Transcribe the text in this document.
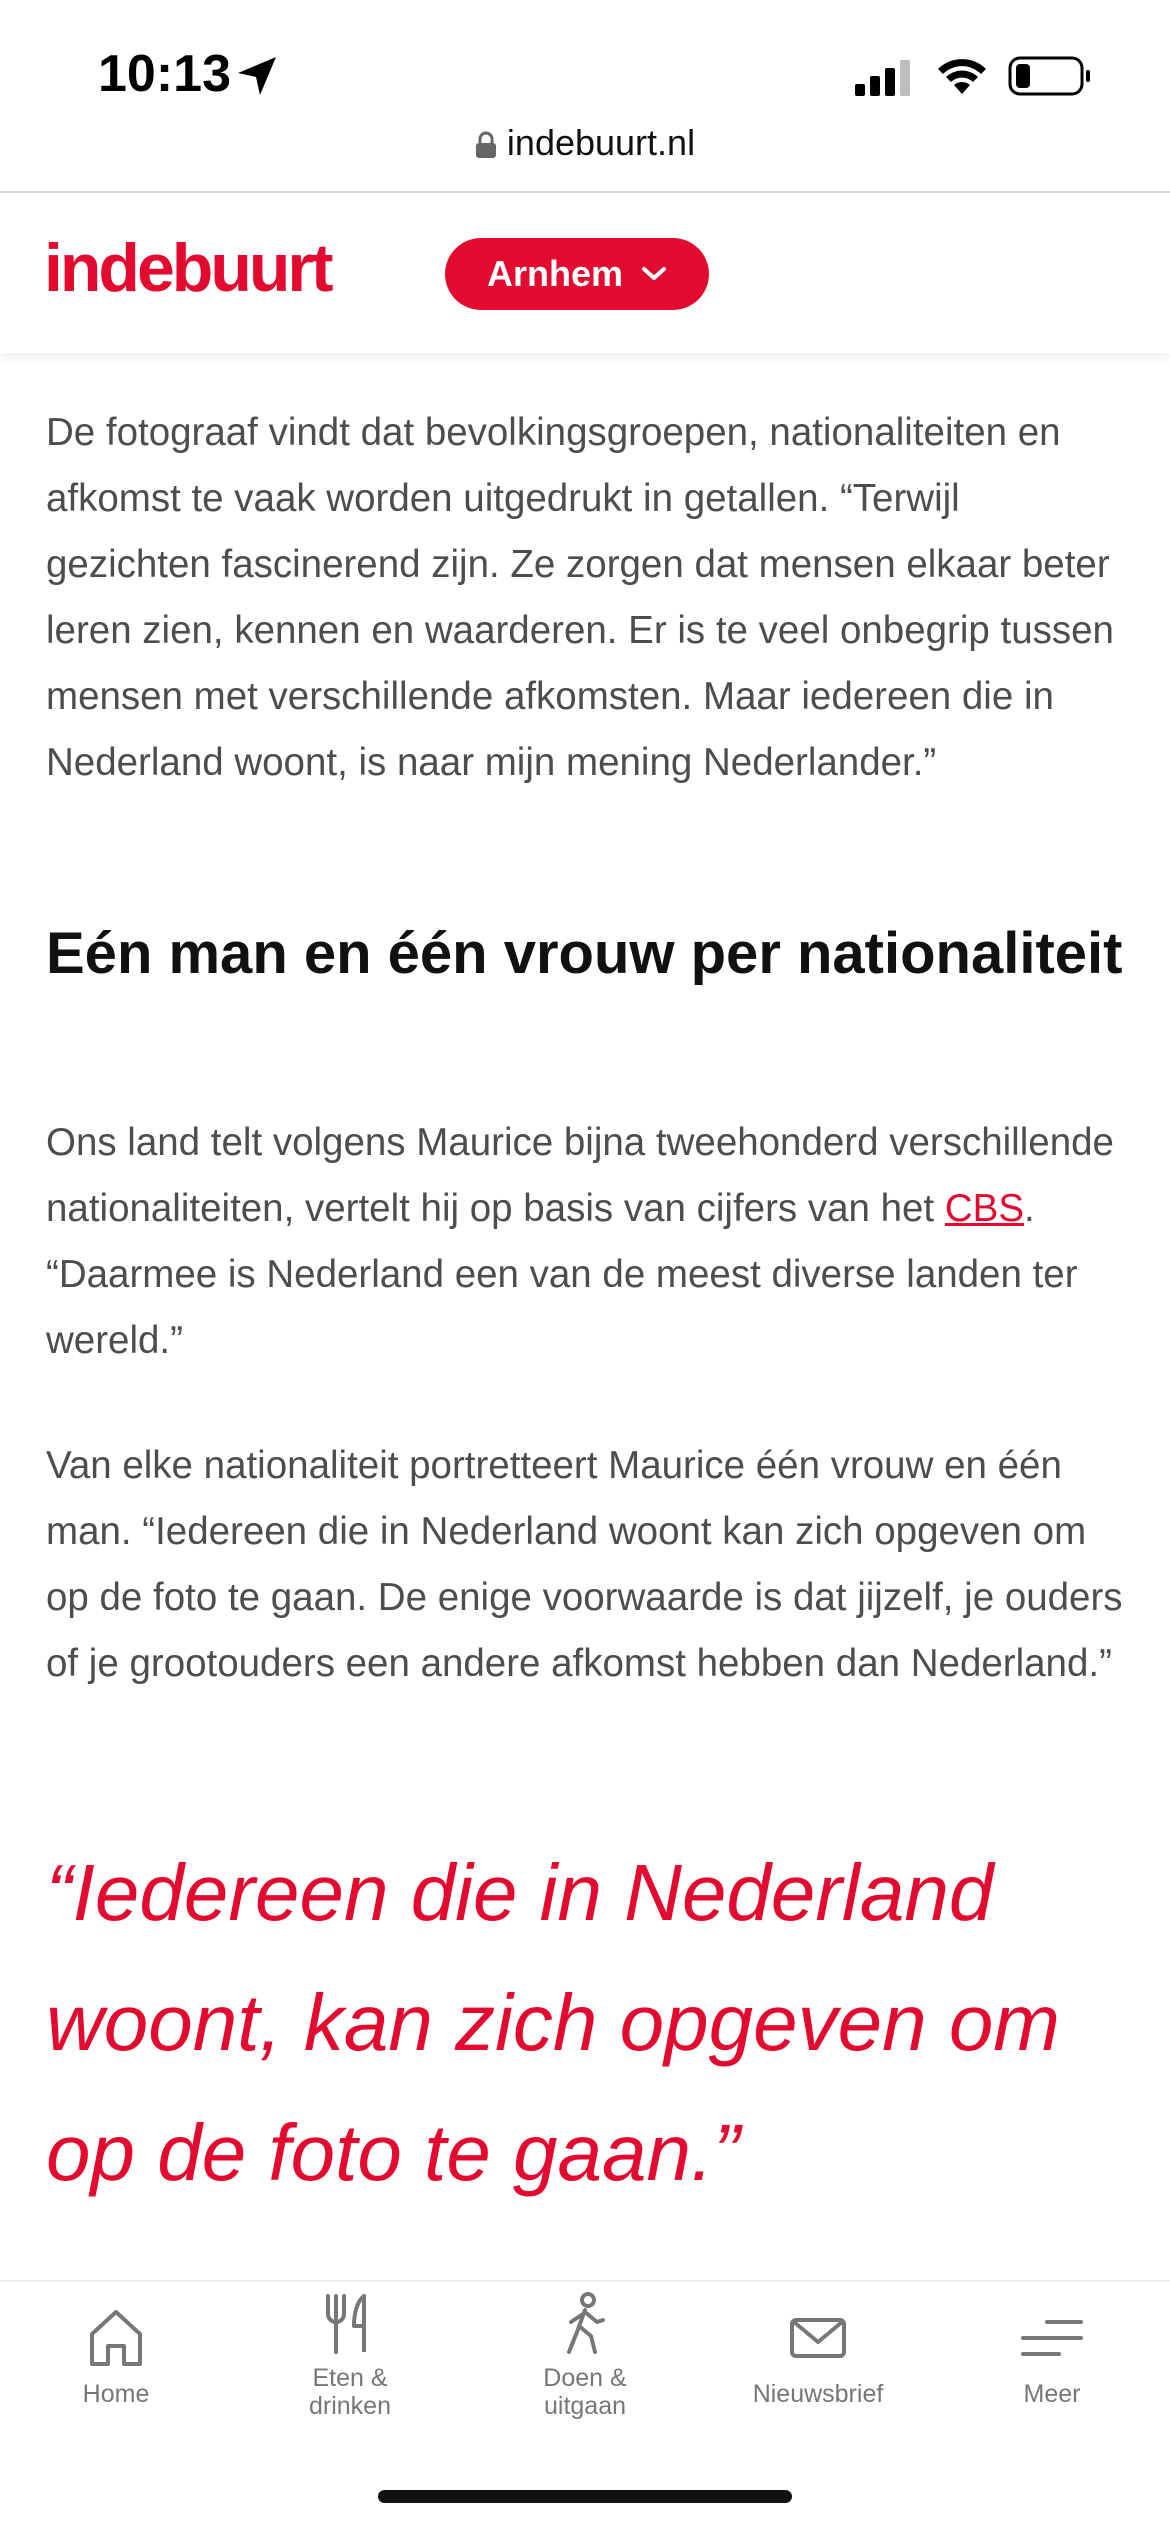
10:13
indebuurt.nl
indebuurt	Arnhem

De fotograaf vindt dat bevolkingsgroepen, nationaliteiten en afkomst te vaak worden uitgedrukt in getallen. “Terwijl gezichten fascinerend zijn. Ze zorgen dat mensen elkaar beter leren zien, kennen en waarderen. Er is te veel onbegrip tussen mensen met verschillende afkomsten. Maar iedereen die in Nederland woont, is naar mijn mening Nederlander.”

Eén man en één vrouw per nationaliteit

Ons land telt volgens Maurice bijna tweehonderd verschillende nationaliteiten, vertelt hij op basis van cijfers van het CBS. “Daarmee is Nederland een van de meest diverse landen ter wereld.”

Van elke nationaliteit portretteert Maurice één vrouw en één man. “Iedereen die in Nederland woont kan zich opgeven om op de foto te gaan. De enige voorwaarde is dat jijzelf, je ouders of je grootouders een andere afkomst hebben dan Nederland.”

“Iedereen die in Nederland woont, kan zich opgeven om op de foto te gaan.”

Home
Eten &
drinken
Doen &
uitgaan	Nieuwsbrief	Meer
